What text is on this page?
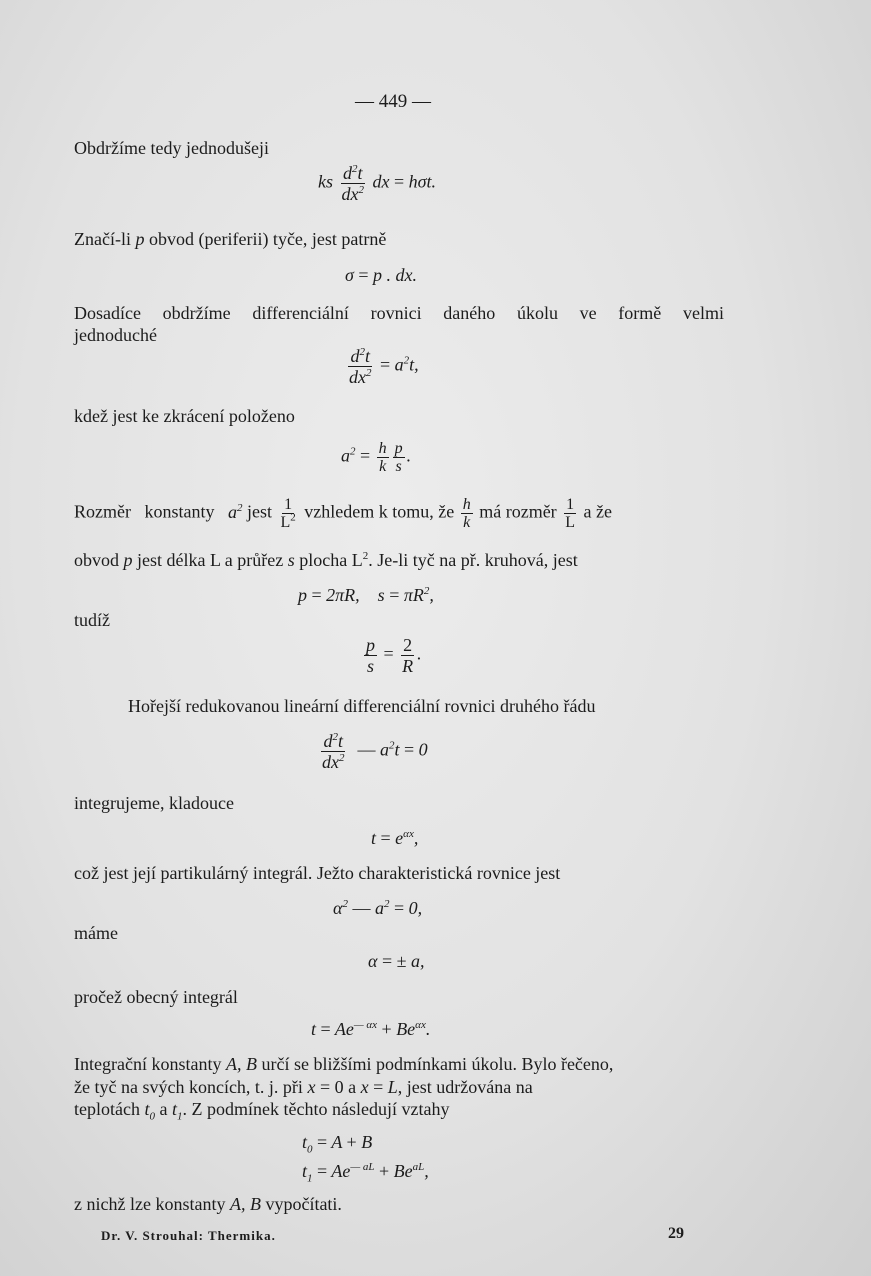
— 449 —
Obdržíme tedy jednodušeji
ks $\frac{d^2t}{dx^2}$ dx = hσt.
Značí-li p obvod (periferii) tyče, jest patrně
σ = p . dx.
Dosadíce obdržíme differenciální rovnici daného úkolu ve formě velmi
jednoduché
$\frac{d^2t}{dx^2} = a^2t$,
kdež jest ke zkrácení položeno
$a^2 = \frac{h}{k} \frac{p}{s}$ .
Rozměr konstanty $a^2$ jest $\frac{1}{L^2}$ vzhledem k tomu, že $\frac{h}{k}$ má rozměr $\frac{1}{L}$ a že
obvod p jest délka L a průřez s plocha $L^2$. Je-li tyč na př. kruhová, jest
p = 2πR,    $s = \pi R^2$,
tudíž
$\frac{p}{s} = \frac{2}{R}$ .
Hořejší redukovanou lineární differenciální rovnici druhého řádu
$\frac{d^2t}{dx^2}$ — $a^2t = 0$
integrujeme, kladouce
$t = e^{\alpha x}$,
což jest její partikulárný integrál. Ježto charakteristická rovnice jest
$\alpha^2$ — $a^2 = 0$,
máme
α = ± a,
pročež obecný integrál
$t = Ae^{— \alpha x} + Be^{\alpha x}$.
Integrační konstanty A, B určí se bližšími podmínkami úkolu. Bylo řečeno,
že tyč na svých koncích, t. j. při x = 0 a x = L, jest udržována na
teplotách $t_0$ a $t_1$. Z podmínek těchto následují vztahy
$t_0 = A + B$
$t_1 = Ae^{— aL} + Be^{aL}$,
z nichž lze konstanty A, B vypočítati.
Dr. V. Strouhal: Thermika.	29
